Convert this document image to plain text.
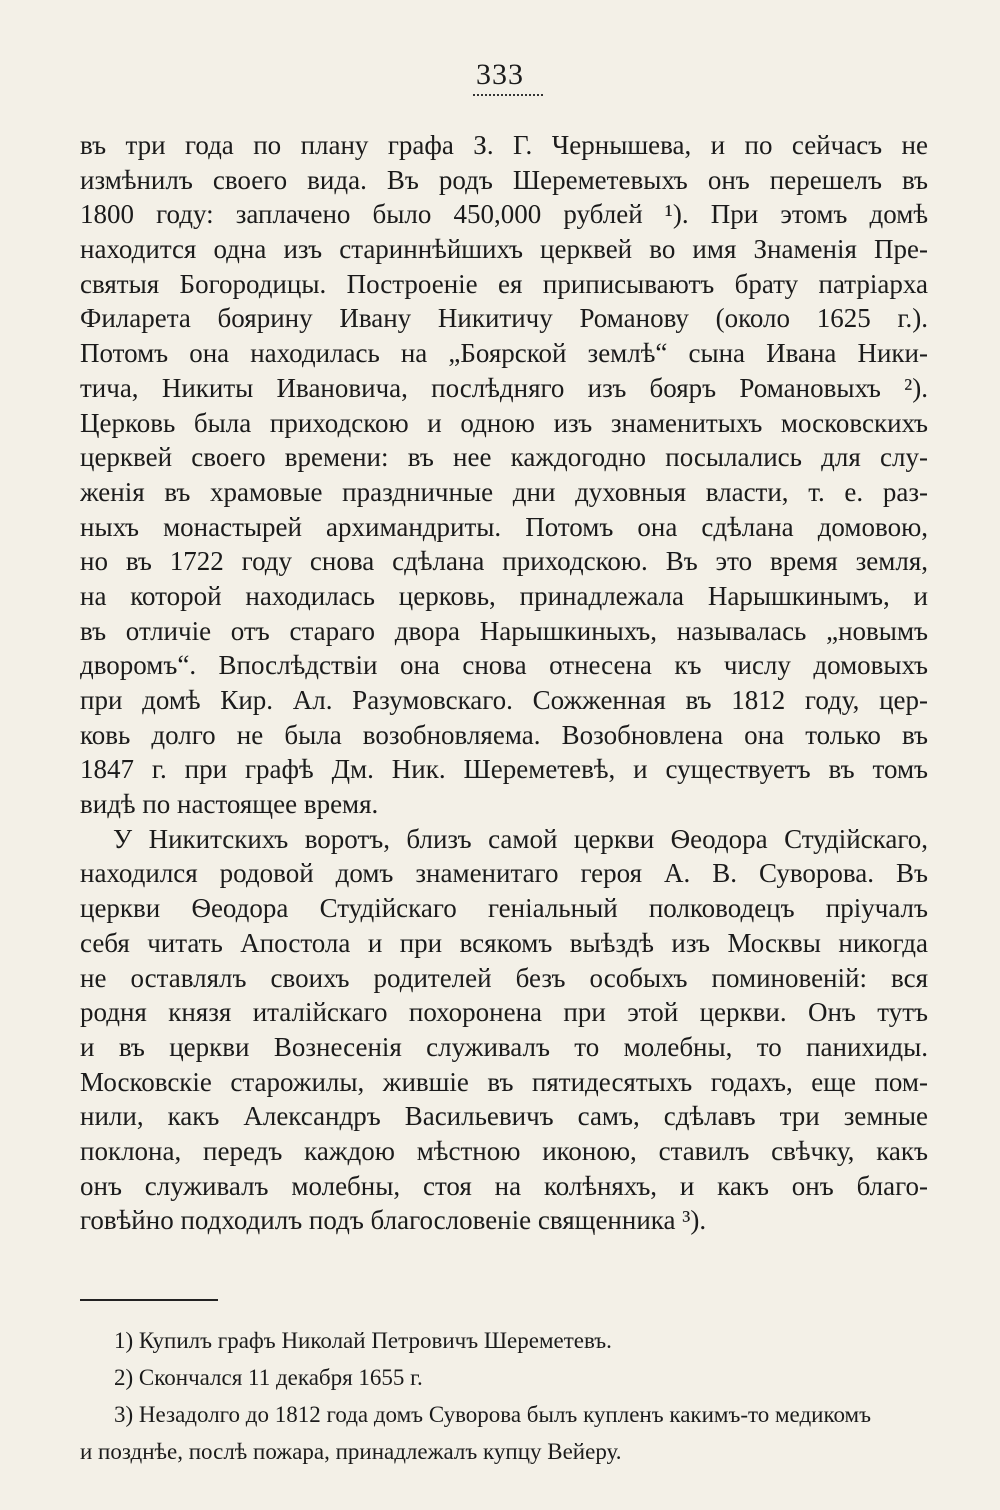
333
въ три года по плану графа З. Г. Чернышева, и по сейчасъ не
измѣнилъ своего вида. Въ родъ Шереметевыхъ онъ перешелъ въ
1800 году: заплачено было 450,000 рублей ¹). При этомъ домѣ
находится одна изъ стариннѣйшихъ церквей во имя Знаменія Пре-
святыя Богородицы. Построеніе ея приписываютъ брату патріарха
Филарета боярину Ивану Никитичу Романову (около 1625 г.).
Потомъ она находилась на „Боярской землѣ“ сына Ивана Ники-
тича, Никиты Ивановича, послѣдняго изъ бояръ Романовыхъ ²).
Церковь была приходскою и одною изъ знаменитыхъ московскихъ
церквей своего времени: въ нее каждогодно посылались для слу-
женія въ храмовые праздничные дни духовныя власти, т. е. раз-
ныхъ монастырей архимандриты. Потомъ она сдѣлана домовою,
но въ 1722 году снова сдѣлана приходскою. Въ это время земля,
на которой находилась церковь, принадлежала Нарышкинымъ, и
въ отличіе отъ стараго двора Нарышкиныхъ, называлась „новымъ
дворомъ“. Впослѣдствіи она снова отнесена къ числу домовыхъ
при домѣ Кир. Ал. Разумовскаго. Сожженная въ 1812 году, цер-
ковь долго не была возобновляема. Возобновлена она только въ
1847 г. при графѣ Дм. Ник. Шереметевѣ, и существуетъ въ томъ
видѣ по настоящее время.
У Никитскихъ воротъ, близъ самой церкви Ѳеодора Студійскаго,
находился родовой домъ знаменитаго героя А. В. Суворова. Въ
церкви Ѳеодора Студійскаго геніальный полководецъ пріучалъ
себя читать Апостола и при всякомъ выѣздѣ изъ Москвы никогда
не оставлялъ своихъ родителей безъ особыхъ поминовеній: вся
родня князя италійскаго похоронена при этой церкви. Онъ тутъ
и въ церкви Вознесенія служивалъ то молебны, то панихиды.
Московскіе старожилы, жившіе въ пятидесятыхъ годахъ, еще пом-
нили, какъ Александръ Васильевичъ самъ, сдѣлавъ три земные
поклона, передъ каждою мѣстною иконою, ставилъ свѣчку, какъ
онъ служивалъ молебны, стоя на колѣняхъ, и какъ онъ благо-
говѣйно подходилъ подъ благословеніе священника ³).
1) Купилъ графъ Николай Петровичъ Шереметевъ.
2) Скончался 11 декабря 1655 г.
3) Незадолго до 1812 года домъ Суворова былъ купленъ какимъ-то медикомъ
и позднѣе, послѣ пожара, принадлежалъ купцу Вейеру.
